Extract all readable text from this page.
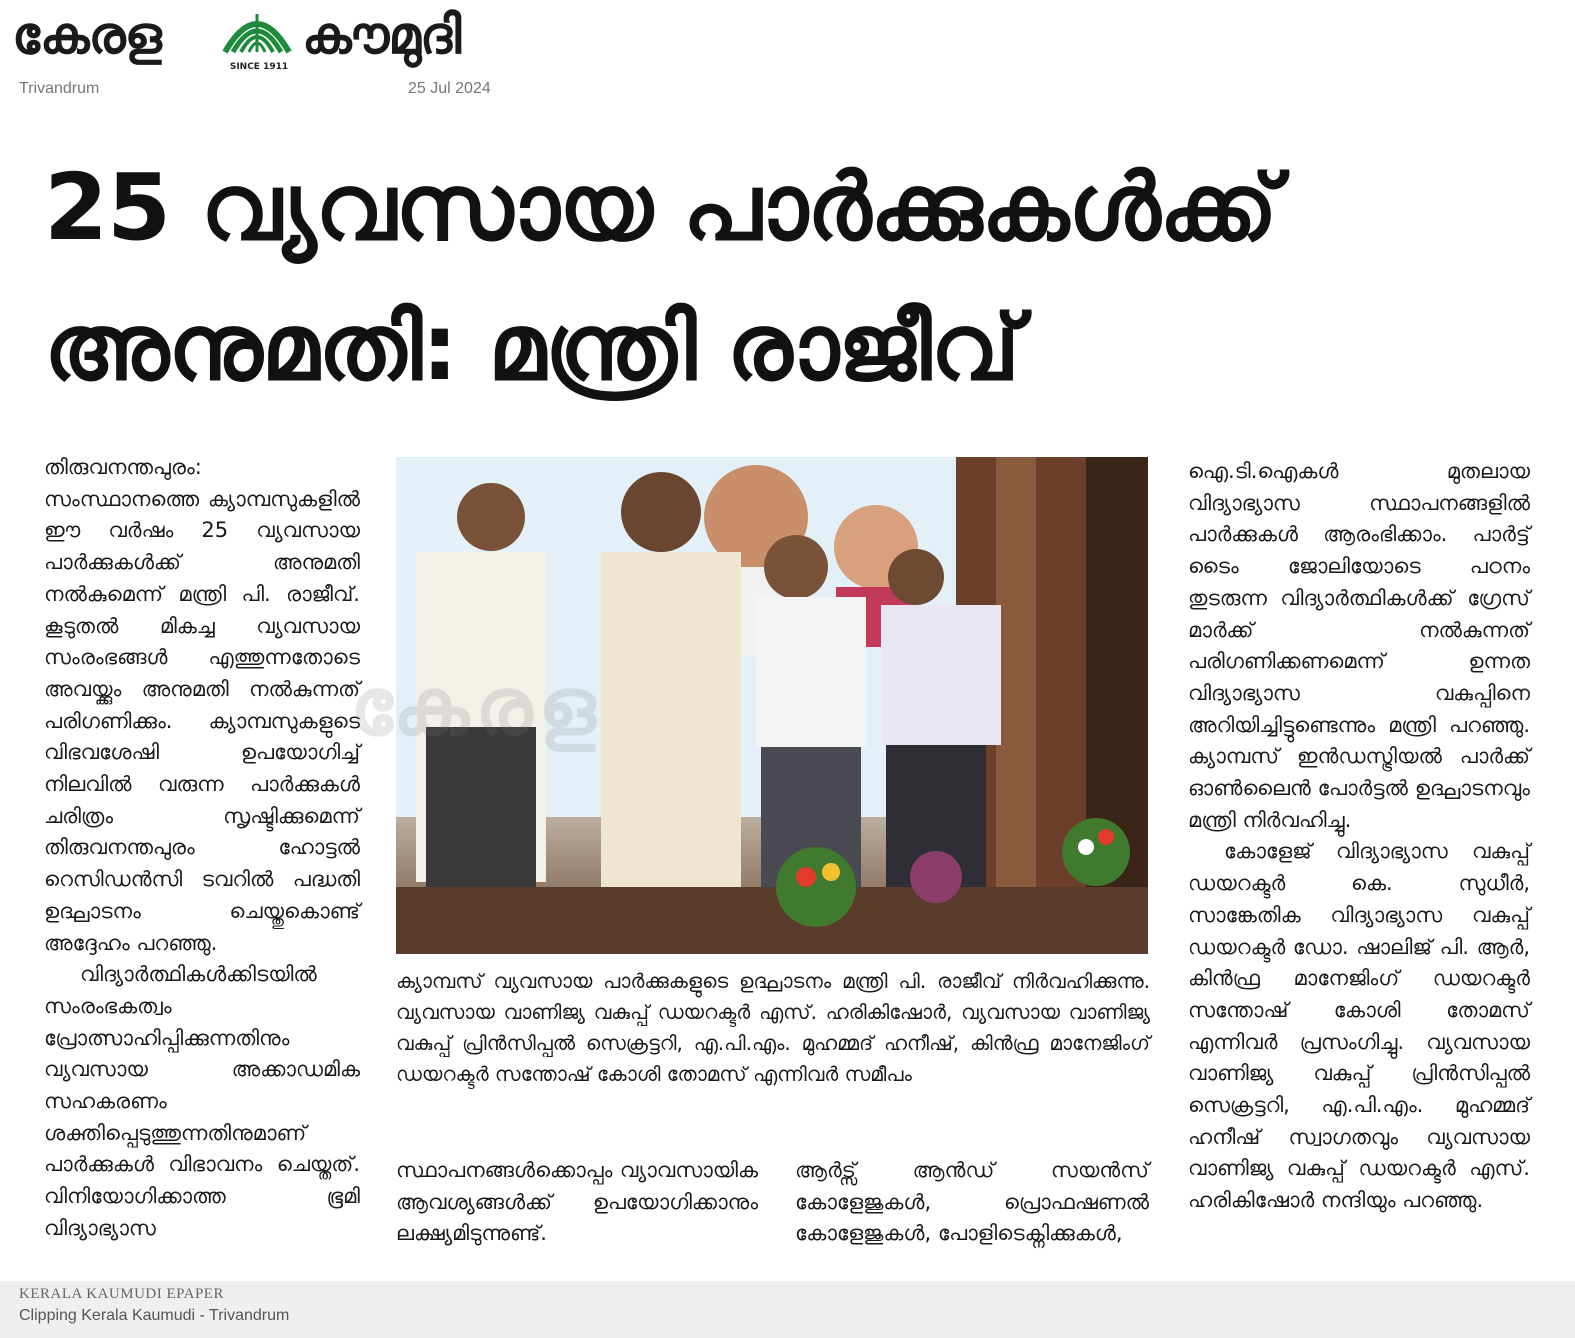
കേരള
SINCE 1911
കൗമുദി
Trivandrum	25 Jul 2024
25 വ്യവസായ പാർക്കുകൾക്ക് അനുമതി: മന്ത്രി രാജീവ്

തിരുവനന്തപുരം: സംസ്ഥാനത്തെ ക്യാമ്പസുകളിൽ ഈ വർഷം 25 വ്യവസായ പാർക്കുകൾക്ക് അനുമതി നൽകുമെന്ന് മന്ത്രി പി. രാജീവ്. കൂടുതൽ മികച്ച വ്യവസായ സംരംഭങ്ങൾ എത്തുന്നതോടെ അവയ്ക്കും അനുമതി നൽകുന്നത് പരിഗണിക്കും. ക്യാമ്പസുകളുടെ വിഭവശേഷി ഉപയോഗിച്ച് നിലവിൽ വരുന്ന പാർക്കുകൾ ചരിത്രം സൃഷ്ടിക്കുമെന്ന് തിരുവനന്തപുരം ഹോട്ടൽ റെസിഡൻസി ടവറിൽ പദ്ധതി ഉദ്ഘാടനം ചെയ്തുകൊണ്ട് അദ്ദേഹം പറഞ്ഞു.

വിദ്യാർത്ഥികൾക്കിടയിൽ സംരംഭകത്വം പ്രോത്സാഹിപ്പിക്കുന്നതിനും വ്യവസായ അക്കാഡമിക സഹകരണം ശക്തിപ്പെടുത്തുന്നതിനുമാണ് പാർക്കുകൾ വിഭാവനം ചെയ്തത്. വിനിയോഗിക്കാത്ത ഭൂമി വിദ്യാഭ്യാസ

ക്യാമ്പസ് വ്യവസായ പാർക്കുകളുടെ ഉദ്ഘാടനം മന്ത്രി പി. രാജീവ് നിർവഹിക്കുന്നു. വ്യവസായ വാണിജ്യ വകുപ്പ് ഡയറക്ടർ എസ്. ഹരികിഷോർ, വ്യവസായ വാണിജ്യ വകുപ്പ് പ്രിൻസിപ്പൽ സെക്രട്ടറി, എ.പി.എം. മുഹമ്മദ് ഹനീഷ്, കിൻഫ്ര മാനേജിംഗ് ഡയറക്ടർ സന്തോഷ് കോശി തോമസ് എന്നിവർ സമീപം

സ്ഥാപനങ്ങൾക്കൊപ്പം വ്യാവസായിക ആവശ്യങ്ങൾക്ക് ഉപയോഗിക്കാനും ലക്ഷ്യമിടുന്നുണ്ട്.

ആർട്സ് ആൻഡ് സയൻസ് കോളേജുകൾ, പ്രൊഫഷണൽ കോളേജുകൾ, പോളിടെക്നിക്കുകൾ,

ഐ.ടി.ഐകൾ മുതലായ വിദ്യാഭ്യാസ സ്ഥാപനങ്ങളിൽ പാർക്കുകൾ ആരംഭിക്കാം. പാർട്ട് ടൈം ജോലിയോടെ പഠനം തുടരുന്ന വിദ്യാർത്ഥികൾക്ക് ഗ്രേസ് മാർക്ക് നൽകുന്നത് പരിഗണിക്കണമെന്ന് ഉന്നത വിദ്യാഭ്യാസ വകുപ്പിനെ അറിയിച്ചിട്ടുണ്ടെന്നും മന്ത്രി പറഞ്ഞു. ക്യാമ്പസ് ഇൻഡസ്ട്രിയൽ പാർക്ക് ഓൺലൈൻ പോർട്ടൽ ഉദ്ഘാടനവും മന്ത്രി നിർവഹിച്ചു.

കോളേജ് വിദ്യാഭ്യാസ വകുപ്പ് ഡയറക്ടർ കെ. സുധീർ, സാങ്കേതിക വിദ്യാഭ്യാസ വകുപ്പ് ഡയറക്ടർ ഡോ. ഷാലിജ് പി. ആർ, കിൻഫ്ര മാനേജിംഗ് ഡയറക്ടർ സന്തോഷ് കോശി തോമസ് എന്നിവർ പ്രസംഗിച്ചു. വ്യവസായ വാണിജ്യ വകുപ്പ് പ്രിൻസിപ്പൽ സെക്രട്ടറി, എ.പി.എം. മുഹമ്മദ് ഹനീഷ് സ്വാഗതവും വ്യവസായ വാണിജ്യ വകുപ്പ് ഡയറക്ടർ എസ്. ഹരികിഷോർ നന്ദിയും പറഞ്ഞു.

KERALA KAUMUDI EPAPER
Clipping Kerala Kaumudi - Trivandrum
